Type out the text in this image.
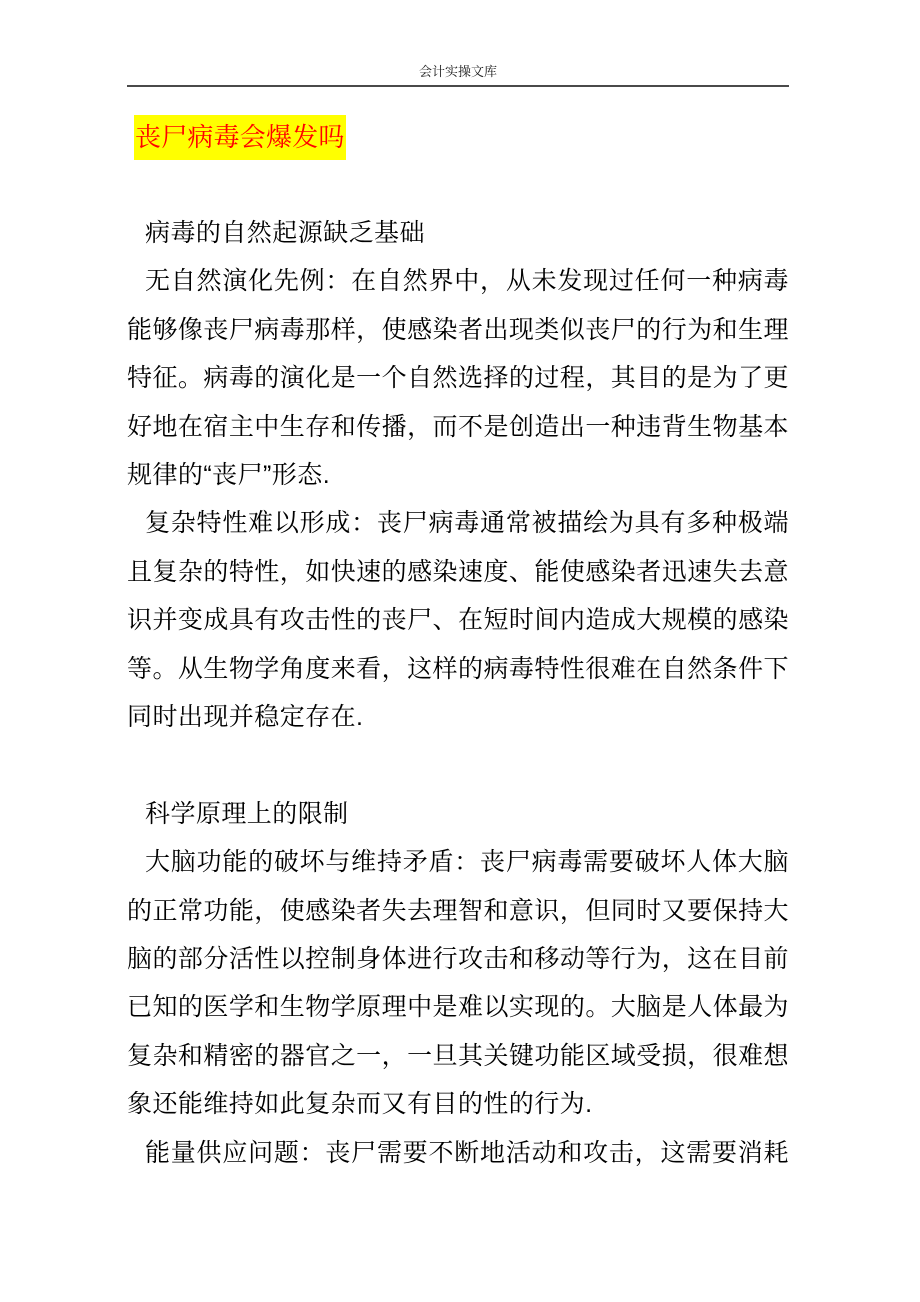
会计实操文库
丧尸病毒会爆发吗
病毒的自然起源缺乏基础
无自然演化先例：在自然界中，从未发现过任何一种病毒
能够像丧尸病毒那样，使感染者出现类似丧尸的行为和生理
特征。病毒的演化是一个自然选择的过程，其目的是为了更
好地在宿主中生存和传播，而不是创造出一种违背生物基本
规律的“丧尸”形态.
复杂特性难以形成：丧尸病毒通常被描绘为具有多种极端
且复杂的特性，如快速的感染速度、能使感染者迅速失去意
识并变成具有攻击性的丧尸、在短时间内造成大规模的感染
等。从生物学角度来看，这样的病毒特性很难在自然条件下
同时出现并稳定存在.
科学原理上的限制
大脑功能的破坏与维持矛盾：丧尸病毒需要破坏人体大脑
的正常功能，使感染者失去理智和意识，但同时又要保持大
脑的部分活性以控制身体进行攻击和移动等行为，这在目前
已知的医学和生物学原理中是难以实现的。大脑是人体最为
复杂和精密的器官之一，一旦其关键功能区域受损，很难想
象还能维持如此复杂而又有目的性的行为.
能量供应问题：丧尸需要不断地活动和攻击，这需要消耗
